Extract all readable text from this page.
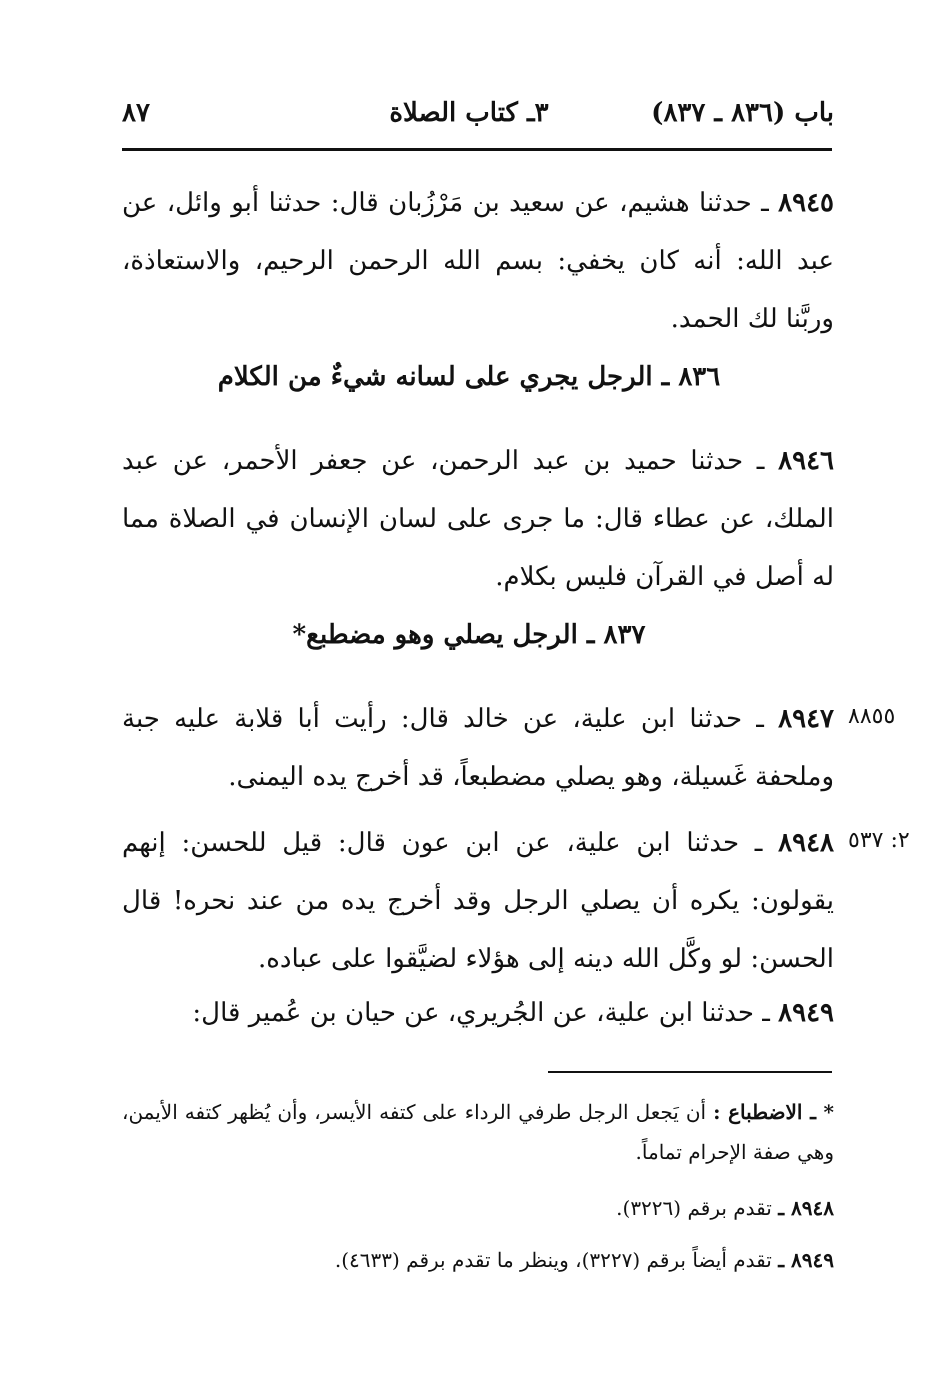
باب (٨٣٦ ـ ٨٣٧)
٣ـ كتاب الصلاة
٨٧
٨٩٤٥ ـ حدثنا هشيم، عن سعيد بن مَرْزُبان قال: حدثنا أبو وائل، عن عبد الله: أنه كان يخفي: بسم الله الرحمن الرحيم، والاستعاذة، وربَّنا لك الحمد.
٨٣٦ ـ الرجل يجري على لسانه شيءٌ من الكلام
٨٩٤٦ ـ حدثنا حميد بن عبد الرحمن، عن جعفر الأحمر، عن عبد الملك، عن عطاء قال: ما جرى على لسان الإنسان في الصلاة مما له أصل في القرآن فليس بكلام.
٨٣٧ ـ الرجل يصلي وهو مضطبع*
٨٨٥٥
٨٩٤٧ ـ حدثنا ابن علية، عن خالد قال: رأيت أبا قلابة عليه جبة وملحفة غَسيلة، وهو يصلي مضطبعاً، قد أخرج يده اليمنى.
٢: ٥٣٧
٨٩٤٨ ـ حدثنا ابن علية، عن ابن عون قال: قيل للحسن: إنهم يقولون: يكره أن يصلي الرجل وقد أخرج يده من عند نحره! قال الحسن: لو وكَّل الله دينه إلى هؤلاء لضيَّقوا على عباده.
٨٩٤٩ ـ حدثنا ابن علية، عن الجُريري، عن حيان بن عُمير قال:
* ـ الاضطباع : أن يَجعل الرجل طرفي الرداء على كتفه الأيسر، وأن يُظهر كتفه الأيمن، وهي صفة الإحرام تماماً.
٨٩٤٨ ـ تقدم برقم (٣٢٢٦).
٨٩٤٩ ـ تقدم أيضاً برقم (٣٢٢٧)، وينظر ما تقدم برقم (٤٦٣٣).
